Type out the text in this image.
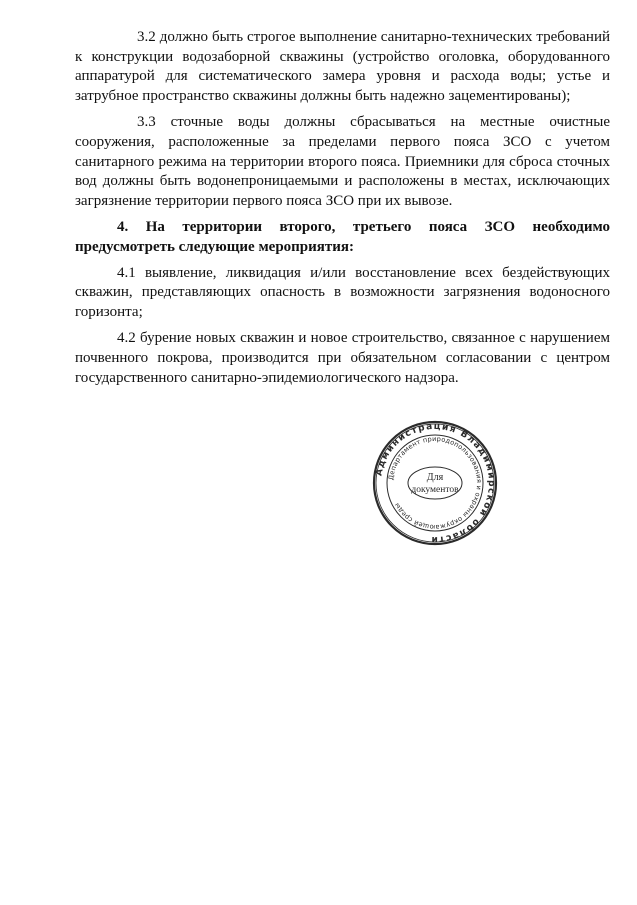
3.2 должно быть строгое выполнение санитарно-технических требований к конструкции водозаборной скважины (устройство оголовка, оборудованного аппаратурой для систематического замера уровня и расхода воды; устье и затрубное пространство скважины должны быть надежно зацементированы);

3.3 сточные воды должны сбрасываться на местные очистные сооружения, расположенные за пределами первого пояса ЗСО с учетом санитарного режима на территории второго пояса. Приемники для сброса сточных вод должны быть водонепроницаемыми и расположены в местах, исключающих загрязнение территории первого пояса ЗСО при их вывозе.

4. На территории второго, третьего пояса ЗСО необходимо предусмотреть следующие мероприятия:

4.1 выявление, ликвидация и/или восстановление всех бездействующих скважин, представляющих опасность в возможности загрязнения водоносного горизонта;

4.2 бурение новых скважин и новое строительство, связанное с нарушением почвенного покрова, производится при обязательном согласовании с центром государственного санитарно-эпидемиологического надзора.

Администрация Владимирской области
Департамент природопользования и охраны окружающей среды
Для
документов
